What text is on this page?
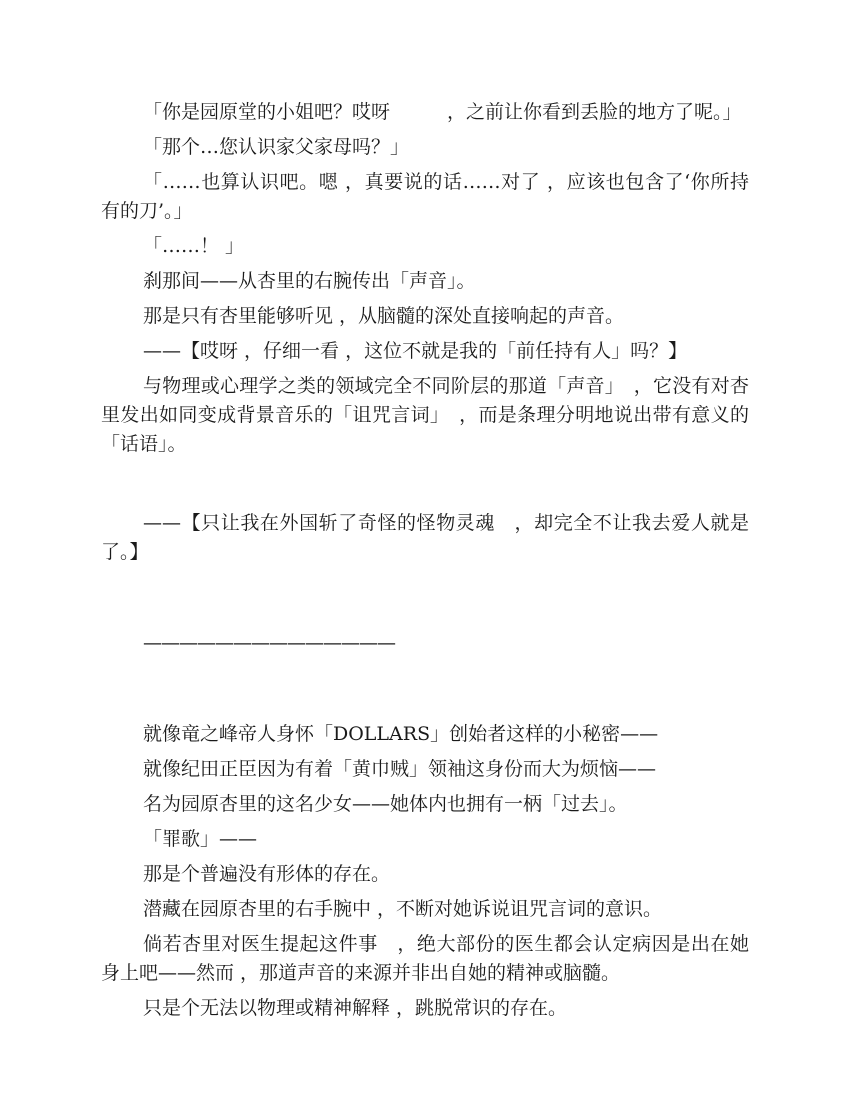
「你是园原堂的小姐吧？哎呀　　　，之前让你看到丢脸的地方了呢。」

「那个…您认识家父家母吗？」

「……也算认识吧。嗯 ，真要说的话……对了 ，应该也包含了‘你所持有的刀’。」

「……！ 」

刹那间——从杏里的右腕传出「声音」。

那是只有杏里能够听见 ，从脑髓的深处直接响起的声音。

——【哎呀 ，仔细一看 ，这位不就是我的「前任持有人」吗？】

与物理或心理学之类的领域完全不同阶层的那道「声音」　，它没有对杏里发出如同变成背景音乐的「诅咒言词」　，而是条理分明地说出带有意义的「话语」。

——【只让我在外国斩了奇怪的怪物灵魂　，却完全不让我去爱人就是了。】

——————————————

就像竜之峰帝人身怀「DOLLARS」创始者这样的小秘密——

就像纪田正臣因为有着「黄巾贼」领袖这身份而大为烦恼——

名为园原杏里的这名少女——她体内也拥有一柄「过去」。

「罪歌」——

那是个普遍没有形体的存在。

潜藏在园原杏里的右手腕中 ，不断对她诉说诅咒言词的意识。

倘若杏里对医生提起这件事　，绝大部份的医生都会认定病因是出在她身上吧——然而 ，那道声音的来源并非出自她的精神或脑髓。

只是个无法以物理或精神解释 ，跳脱常识的存在。
